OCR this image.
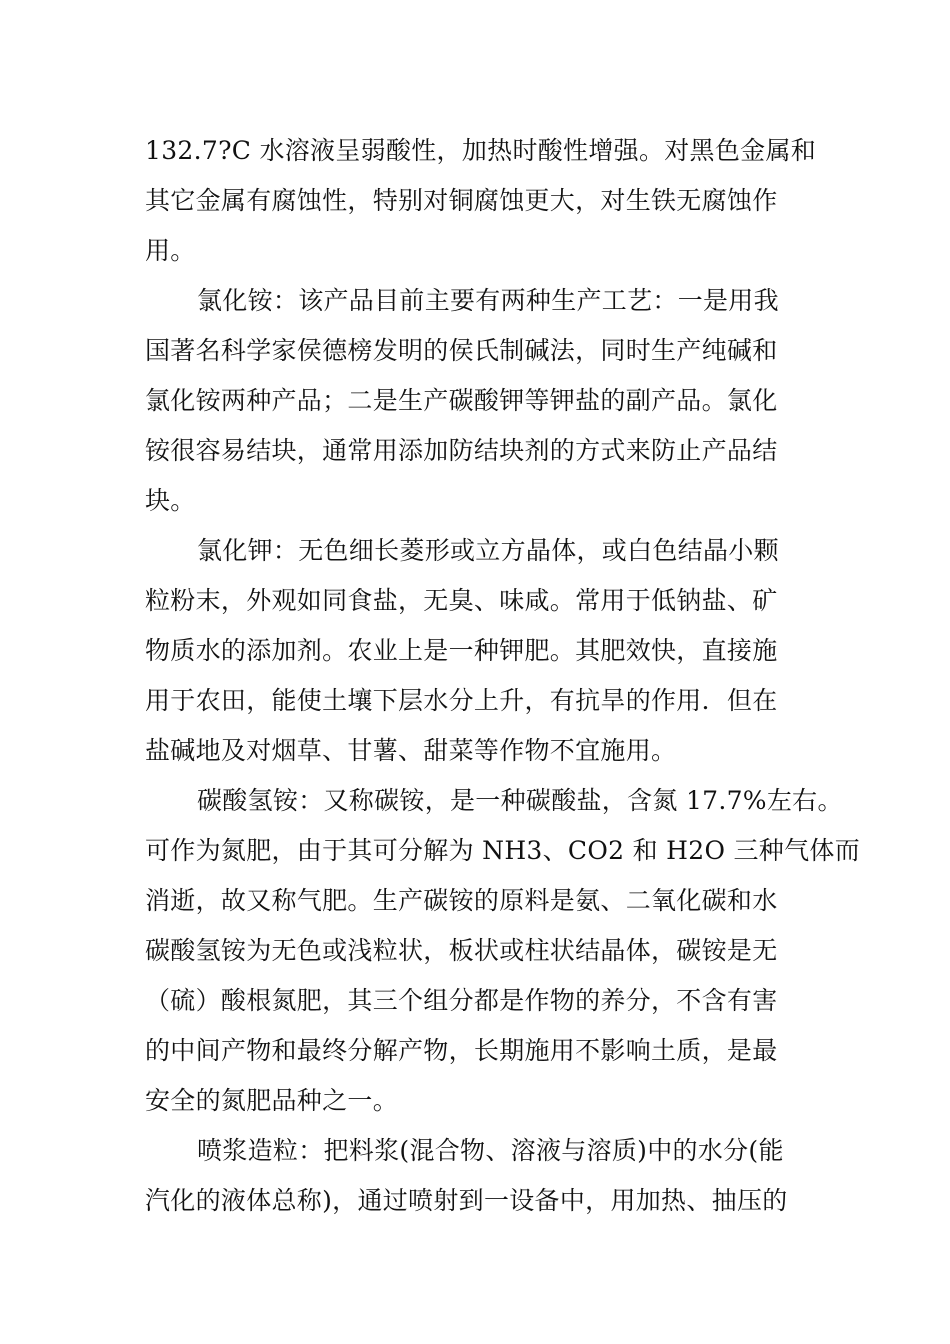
132.7?C 水溶液呈弱酸性，加热时酸性增强。对黑色金属和
其它金属有腐蚀性，特别对铜腐蚀更大，对生铁无腐蚀作
用。
氯化铵：该产品目前主要有两种生产工艺：一是用我
国著名科学家侯德榜发明的侯氏制碱法，同时生产纯碱和
氯化铵两种产品；二是生产碳酸钾等钾盐的副产品。氯化
铵很容易结块，通常用添加防结块剂的方式来防止产品结
块。
氯化钾：无色细长菱形或立方晶体，或白色结晶小颗
粒粉末，外观如同食盐，无臭、味咸。常用于低钠盐、矿
物质水的添加剂。农业上是一种钾肥。其肥效快，直接施
用于农田，能使土壤下层水分上升，有抗旱的作用．但在
盐碱地及对烟草、甘薯、甜菜等作物不宜施用。
碳酸氢铵：又称碳铵，是一种碳酸盐，含氮 17.7%左右。
可作为氮肥，由于其可分解为 NH3、CO2 和 H2O 三种气体而
消逝，故又称气肥。生产碳铵的原料是氨、二氧化碳和水
碳酸氢铵为无色或浅粒状，板状或柱状结晶体，碳铵是无
（硫）酸根氮肥，其三个组分都是作物的养分，不含有害
的中间产物和最终分解产物，长期施用不影响土质，是最
安全的氮肥品种之一。
喷浆造粒：把料浆(混合物、溶液与溶质)中的水分(能
汽化的液体总称)，通过喷射到一设备中，用加热、抽压的
